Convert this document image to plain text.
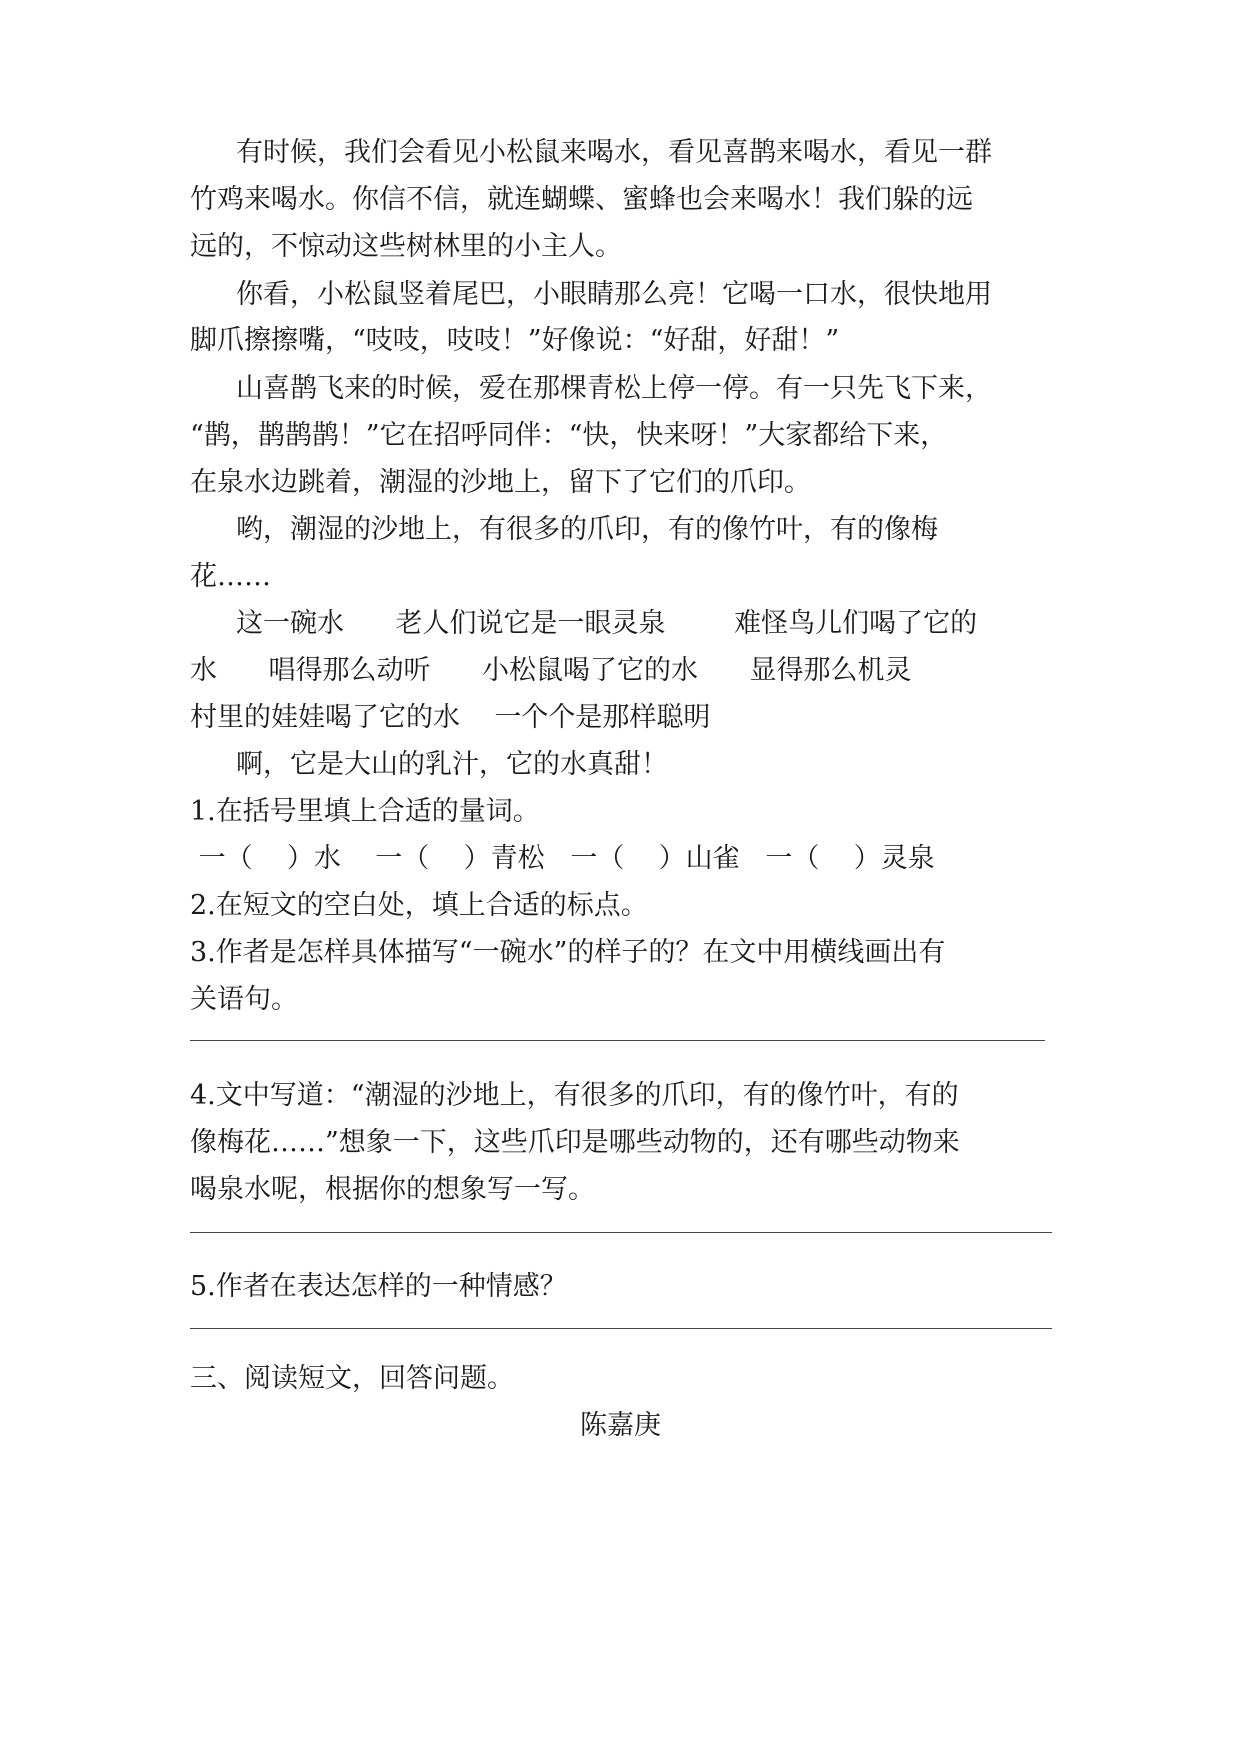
有时候，我们会看见小松鼠来喝水，看见喜鹊来喝水，看见一群
竹鸡来喝水。你信不信，就连蝴蝶、蜜蜂也会来喝水！我们躲的远
远的，不惊动这些树林里的小主人。
你看，小松鼠竖着尾巴，小眼睛那么亮！它喝一口水，很快地用
脚爪擦擦嘴，“吱吱，吱吱！”好像说：“好甜，好甜！”
山喜鹊飞来的时候，爱在那棵青松上停一停。有一只先飞下来，
“鹊，鹊鹊鹊！”它在招呼同伴：“快，快来呀！”大家都给下来，
在泉水边跳着，潮湿的沙地上，留下了它们的爪印。
哟，潮湿的沙地上，有很多的爪印，有的像竹叶，有的像梅
花……
这一碗水      老人们说它是一眼灵泉        难怪鸟儿们喝了它的
水      唱得那么动听      小松鼠喝了它的水      显得那么机灵
村里的娃娃喝了它的水    一个个是那样聪明
啊，它是大山的乳汁，它的水真甜！
1.在括号里填上合适的量词。
一（    ）水    一（    ）青松   一（    ）山雀   一（    ）灵泉
2.在短文的空白处，填上合适的标点。
3.作者是怎样具体描写“一碗水”的样子的？在文中用横线画出有
关语句。
4.文中写道：“潮湿的沙地上，有很多的爪印，有的像竹叶，有的
像梅花……”想象一下，这些爪印是哪些动物的，还有哪些动物来
喝泉水呢，根据你的想象写一写。
5.作者在表达怎样的一种情感？
三、阅读短文，回答问题。
陈嘉庚
